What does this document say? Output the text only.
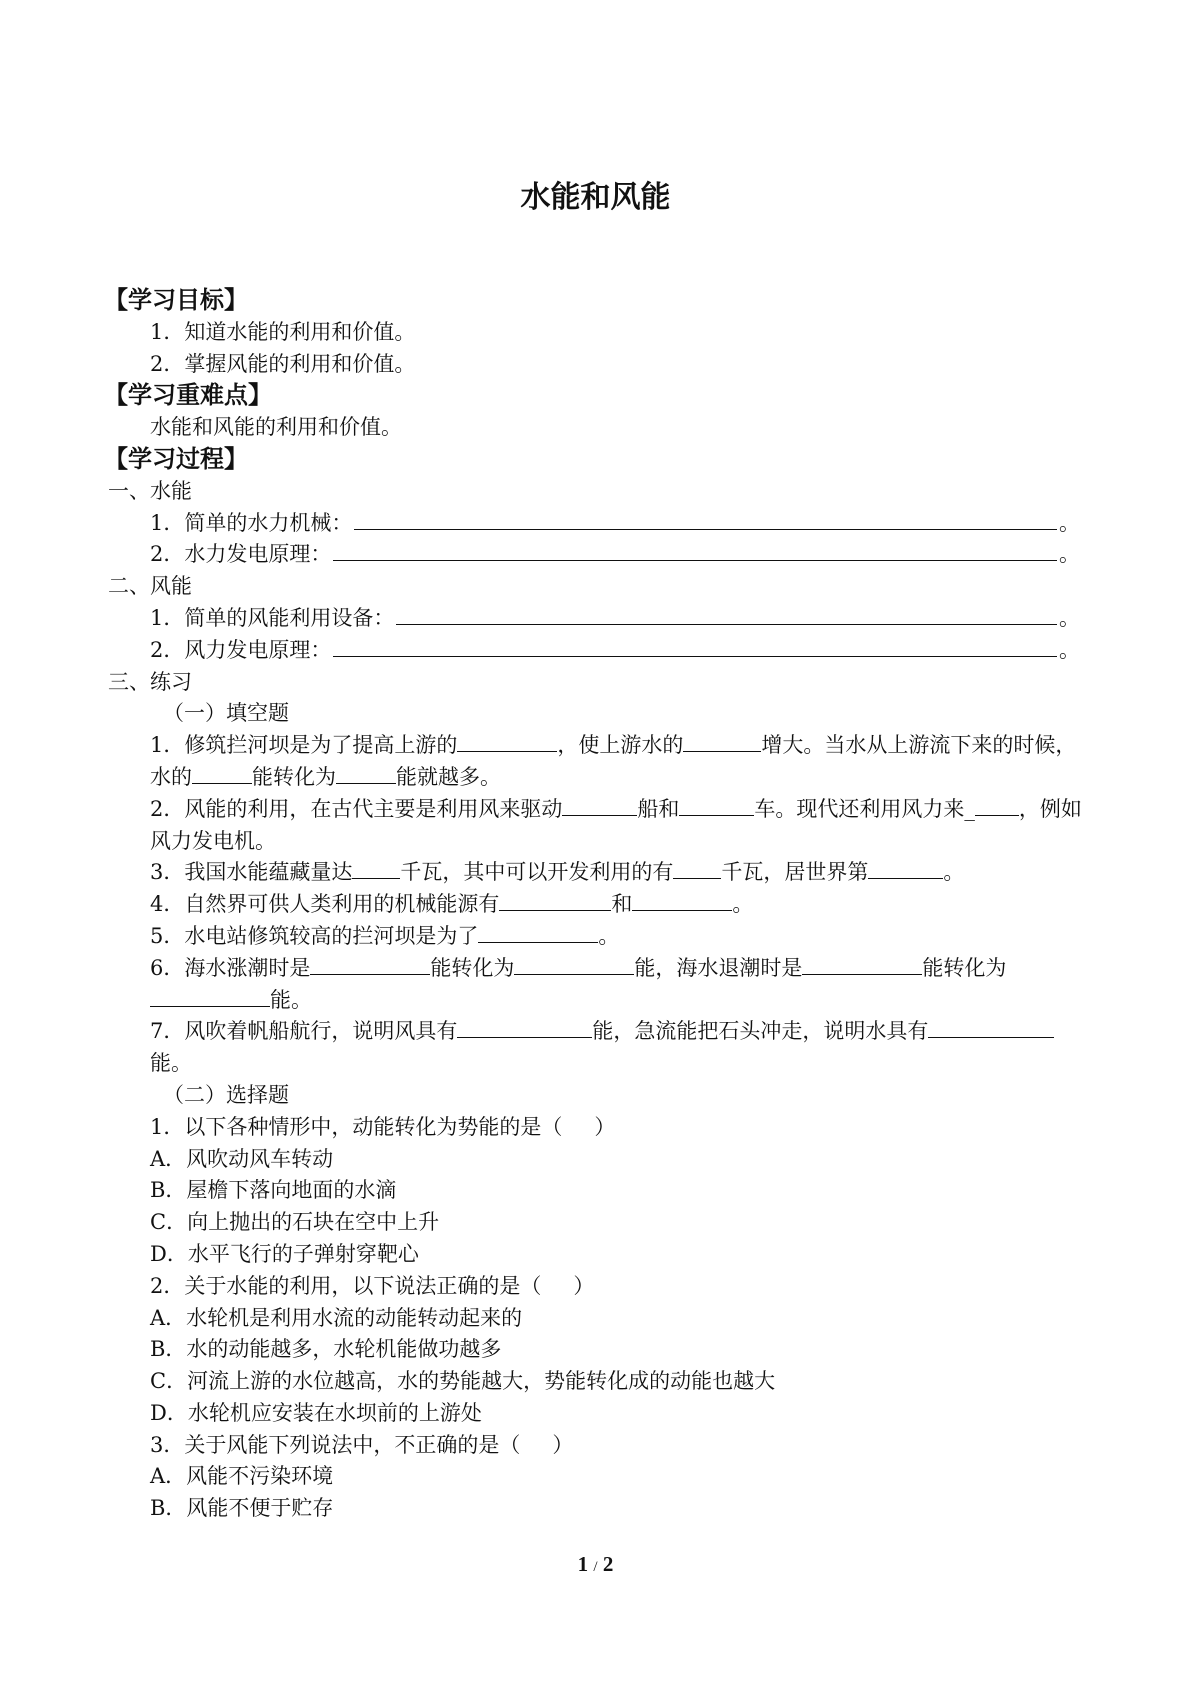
水能和风能
【学习目标】
1．知道水能的利用和价值。
2．掌握风能的利用和价值。
【学习重难点】
水能和风能的利用和价值。
【学习过程】
一、水能
1．简单的水力机械：	。
2．水力发电原理：	。
二、风能
1．简单的风能利用设备：	。
2．风力发电原理：	。
三、练习
（一）填空题
1．修筑拦河坝是为了提高上游的	，使上游水的	增大。当水从上游流下来的时候，水的	能转化为	能就越多。
2．风能的利用，在古代主要是利用风来驱动	船和	车。现代还利用风力来_ ，例如风力发电机。
3．我国水能蕴藏量达 千瓦，其中可以开发利用的有 千瓦，居世界第	。
4．自然界可供人类利用的机械能源有	和	。
5．水电站修筑较高的拦河坝是为了	。
6．海水涨潮时是	能转化为	能，海水退潮时是	能转化为能。
7．风吹着帆船航行，说明风具有	能，急流能把石头冲走，说明水具有能。
（二）选择题
1．以下各种情形中，动能转化为势能的是（ ）
A．风吹动风车转动
B．屋檐下落向地面的水滴
C．向上抛出的石块在空中上升
D．水平飞行的子弹射穿靶心
2．关于水能的利用，以下说法正确的是（ ）
A．水轮机是利用水流的动能转动起来的
B．水的动能越多，水轮机能做功越多
C．河流上游的水位越高，水的势能越大，势能转化成的动能也越大
D．水轮机应安装在水坝前的上游处
3．关于风能下列说法中，不正确的是（ ）
A．风能不污染环境
B．风能不便于贮存
1 / 2
